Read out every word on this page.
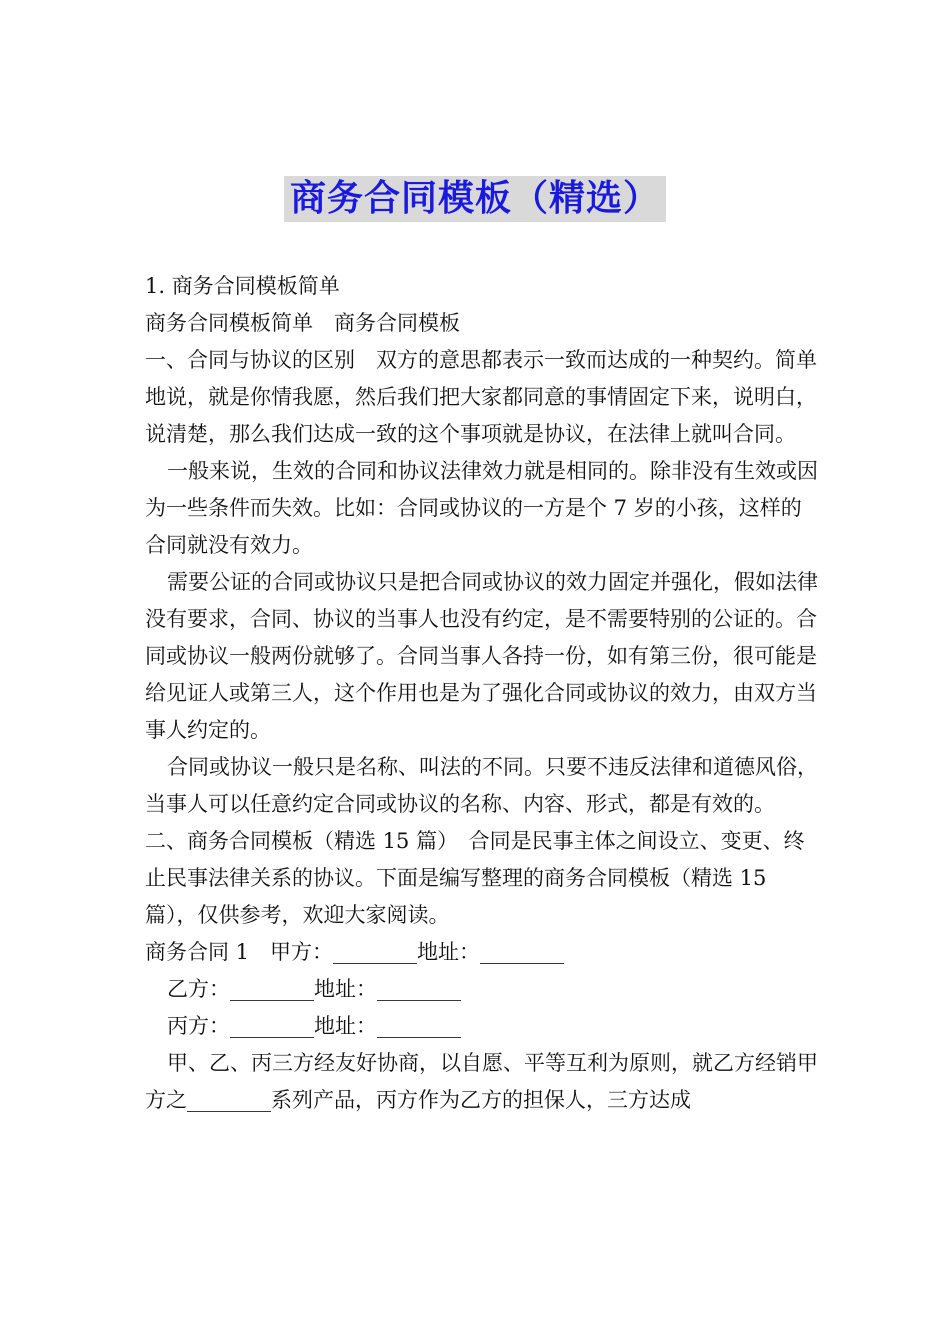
商务合同模板（精选）

1. 商务合同模板简单

商务合同模板简单　商务合同模板

一、合同与协议的区别　双方的意思都表示一致而达成的一种契约。简单地说，就是你情我愿，然后我们把大家都同意的事情固定下来，说明白，说清楚，那么我们达成一致的这个事项就是协议，在法律上就叫合同。

一般来说，生效的合同和协议法律效力就是相同的。除非没有生效或因为一些条件而失效。比如：合同或协议的一方是个 7 岁的小孩，这样的合同就没有效力。

需要公证的合同或协议只是把合同或协议的效力固定并强化，假如法律没有要求，合同、协议的当事人也没有约定，是不需要特别的公证的。合同或协议一般两份就够了。合同当事人各持一份，如有第三份，很可能是给见证人或第三人，这个作用也是为了强化合同或协议的效力，由双方当事人约定的。

合同或协议一般只是名称、叫法的不同。只要不违反法律和道德风俗，当事人可以任意约定合同或协议的名称、内容、形式，都是有效的。

二、商务合同模板（精选 15 篇）　合同是民事主体之间设立、变更、终止民事法律关系的协议。下面是编写整理的商务合同模板（精选 15 篇），仅供参考，欢迎大家阅读。

商务合同 1　甲方：________地址：________

乙方：________地址：________

丙方：________地址：________

甲、乙、丙三方经友好协商，以自愿、平等互利为原则，就乙方经销甲方之________系列产品，丙方作为乙方的担保人，三方达成
